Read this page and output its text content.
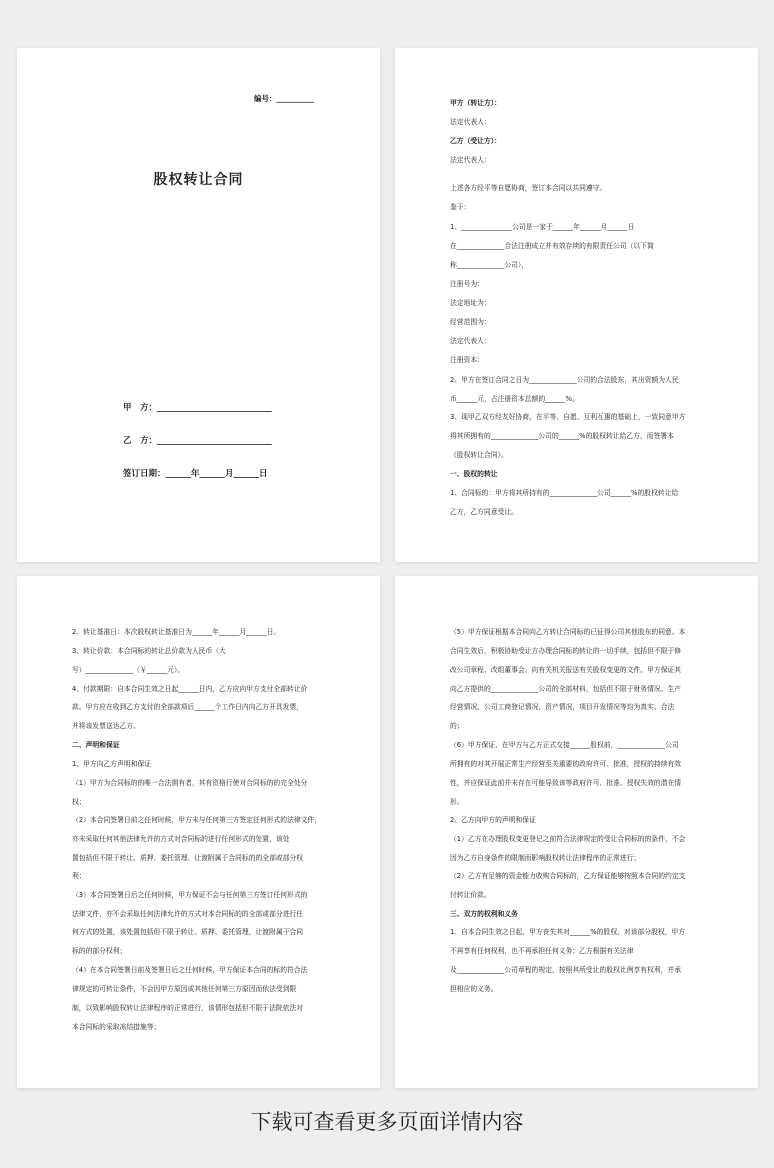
编号：__________
股权转让合同
甲　方：___________________________
乙　方：___________________________
签订日期：______年______月______日
甲方（转让方）：
法定代表人：
乙方（受让方）：
法定代表人：
上述各方经平等自愿协商，签订本合同以共同遵守。
鉴于：
1、_______________公司是一家于______年______月______日
在______________合法注册成立并有效存续的有限责任公司（以下简
称______________公司），
注册号为：
法定地址为：
经营范围为：
法定代表人：
注册资本：
2、甲方在签订合同之日为______________公司的合法股东，其出资额为人民
币______元，占注册资本总额的______%。
3、现甲乙双方经友好协商，在平等、自愿、互利互惠的基础上，一致同意甲方
将其所拥有的______________公司的______%的股权转让给乙方，而签署本
《股权转让合同》。
一、股权的转让
1、合同标的：甲方将其所持有的______________公司______%的股权转让给
乙方，乙方同意受让。
2、转让基准日：本次股权转让基准日为______年______月______日。
3、转让价款：本合同标的转让总价款为人民币（大
写）______________（￥______元）。
4、付款期限：自本合同生效之日起______日内，乙方应向甲方支付全部转让价
款。甲方应在收到乙方支付的全部款项后______个工作日内向乙方开具发票，
并将该发票送达乙方。
二、声明和保证
1、甲方向乙方声明和保证
（1）甲方为合同标的的唯一合法拥有者，其有资格行使对合同标的的完全处分
权；
（2）本合同签署日前之任何时候，甲方未与任何第三方签定任何形式的法律文件，
亦未采取任何其他法律允许的方式对合同标的进行任何形式的处置，该处
置包括但不限于转让、质押、委托管理、让渡附属于合同标的的全部或部分权
利；
（3）本合同签署日后之任何时候，甲方保证不会与任何第三方签订任何形式的
法律文件，亦不会采取任何法律允许的方式对本合同标的的全部或部分进行任
何方式的处置，该处置包括但不限于转让、质押、委托管理，让渡附属于合同
标的的部分权利；
（4）在本合同签署日前及签署日后之任何时候，甲方保证本合同的标的符合法
律规定的可转让条件，不会因甲方原因或其他任何第三方原因而依法受到限
制，以致影响股权转让法律程序的正常进行，该情形包括但不限于法院依法对
本合同标的采取冻结措施等；
（5）甲方保证根据本合同向乙方转让合同标的已征得公司其他股东的同意。本
合同生效后，积极协助受让方办理合同标的转让的一切手续，包括但不限于修
改公司章程、改组董事会、向有关机关报送有关股权变更的文件。甲方保证其
向乙方提供的______________公司的全部材料，包括但不限于财务情况、生产
经营情况、公司工商登记情况、资产情况，项目开发情况等均为真实、合法
的；
（6）甲方保证，在甲方与乙方正式交接______股权前，______________公司
所拥有的对其开展正常生产经营至关重要的政府许可、批准，授权的持续有效
性，并应保证此前并未存在可能导致该等政府许可、批准、授权失效的潜在情
形。
2、乙方向甲方的声明和保证
（1）乙方在办理股权变更登记之前符合法律规定的受让合同标的的条件，不会
因为乙方自身条件的限制而影响股权转让法律程序的正常进行；
（2）乙方有足够的资金能力收购合同标的，乙方保证能够按照本合同的约定支
付转让价款。
三、双方的权利和义务
1、自本合同生效之日起，甲方丧失其对______%的股权，对该部分股权，甲方
不再享有任何权利，也不再承担任何义务；乙方根据有关法律
及______________公司章程的规定，按照其所受让的股权比例享有权利，并承
担相应的义务。
下载可查看更多页面详情内容
